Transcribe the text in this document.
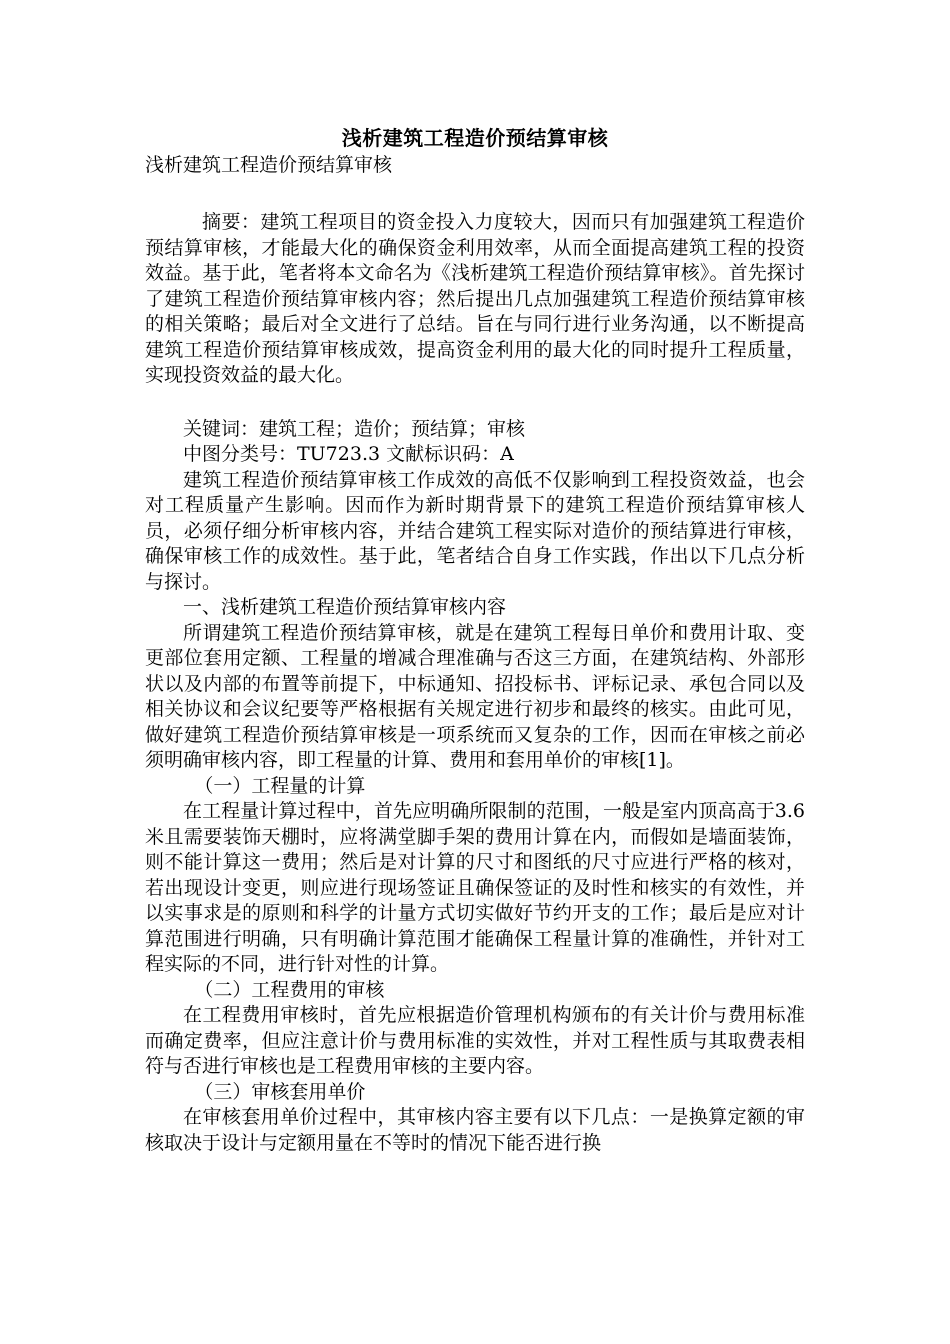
浅析建筑工程造价预结算审核
浅析建筑工程造价预结算审核

摘要：建筑工程项目的资金投入力度较大，因而只有加强建筑工程造价预结算审核，才能最大化的确保资金利用效率，从而全面提高建筑工程的投资效益。基于此，笔者将本文命名为《浅析建筑工程造价预结算审核》。首先探讨了建筑工程造价预结算审核内容；然后提出几点加强建筑工程造价预结算审核的相关策略；最后对全文进行了总结。旨在与同行进行业务沟通，以不断提高建筑工程造价预结算审核成效，提高资金利用的最大化的同时提升工程质量，实现投资效益的最大化。

关键词：建筑工程；造价；预结算；审核

中图分类号：TU723.3 文献标识码：A

建筑工程造价预结算审核工作成效的高低不仅影响到工程投资效益，也会对工程质量产生影响。因而作为新时期背景下的建筑工程造价预结算审核人员，必须仔细分析审核内容，并结合建筑工程实际对造价的预结算进行审核，确保审核工作的成效性。基于此，笔者结合自身工作实践，作出以下几点分析与探讨。

一、浅析建筑工程造价预结算审核内容

所谓建筑工程造价预结算审核，就是在建筑工程每日单价和费用计取、变更部位套用定额、工程量的增减合理准确与否这三方面，在建筑结构、外部形状以及内部的布置等前提下，中标通知、招投标书、评标记录、承包合同以及相关协议和会议纪要等严格根据有关规定进行初步和最终的核实。由此可见，做好建筑工程造价预结算审核是一项系统而又复杂的工作，因而在审核之前必须明确审核内容，即工程量的计算、费用和套用单价的审核[1]。

（一）工程量的计算

在工程量计算过程中，首先应明确所限制的范围，一般是室内顶高高于3.6米且需要装饰天棚时，应将满堂脚手架的费用计算在内，而假如是墙面装饰，则不能计算这一费用；然后是对计算的尺寸和图纸的尺寸应进行严格的核对，若出现设计变更，则应进行现场签证且确保签证的及时性和核实的有效性，并以实事求是的原则和科学的计量方式切实做好节约开支的工作；最后是应对计算范围进行明确，只有明确计算范围才能确保工程量计算的准确性，并针对工程实际的不同，进行针对性的计算。

（二）工程费用的审核

在工程费用审核时，首先应根据造价管理机构颁布的有关计价与费用标准而确定费率，但应注意计价与费用标准的实效性，并对工程性质与其取费表相符与否进行审核也是工程费用审核的主要内容。

（三）审核套用单价

在审核套用单价过程中，其审核内容主要有以下几点：一是换算定额的审核取决于设计与定额用量在不等时的情况下能否进行换
